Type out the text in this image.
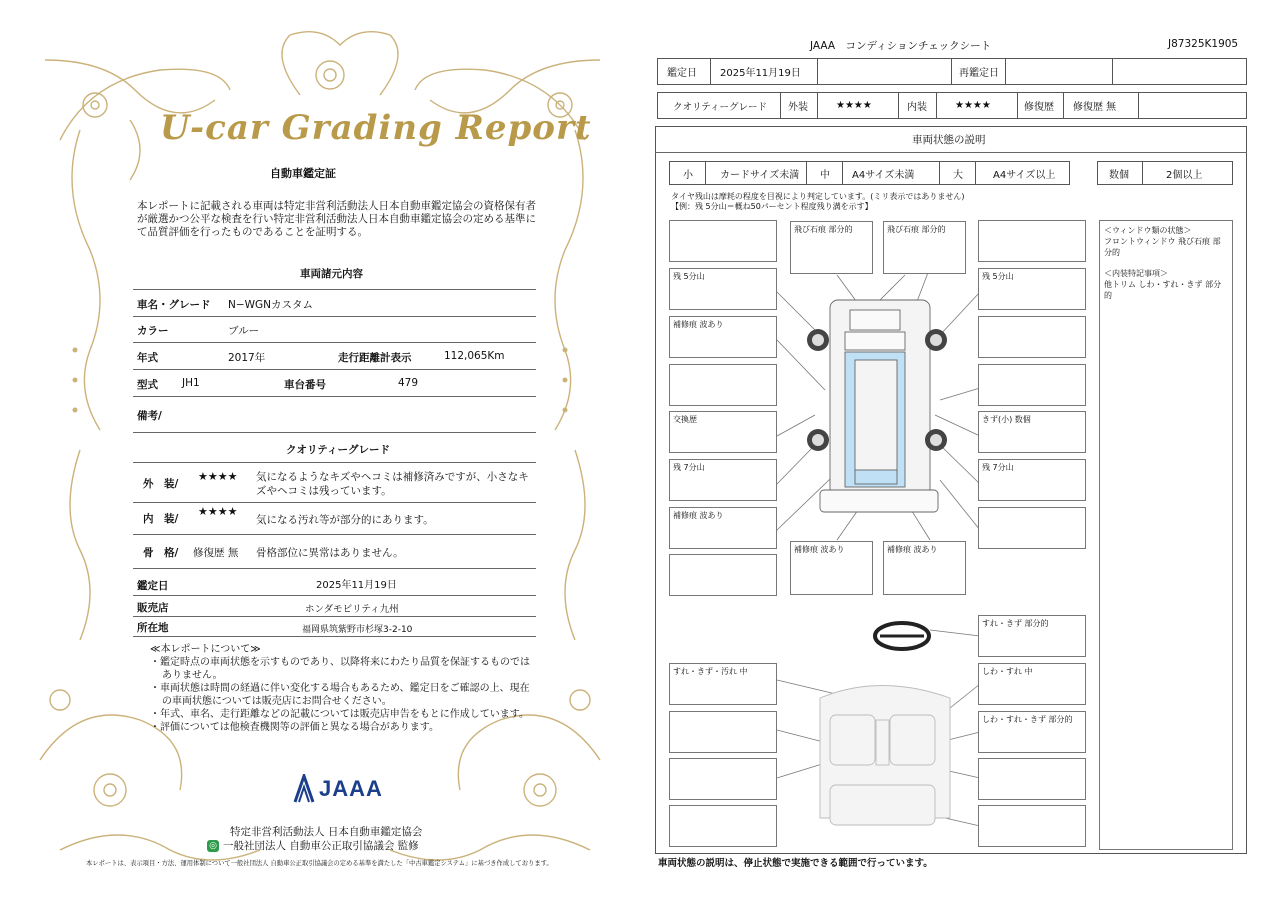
U-car Grading Report
自動車鑑定証
本レポートに記載される車両は特定非営利活動法人日本自動車鑑定協会の資格保有者が厳選かつ公平な検査を行い特定非営利活動法人日本自動車鑑定協会の定める基準にて品質評価を行ったものであることを証明する。
車両諸元内容
車名・グレード N−WGNカスタム
カラー	ブルー
年式	2017年	走行距離計表示	112,065Km
型式 JH1	車台番号	479
備考/
クオリティーグレード
外　装/
★★★★ 気になるようなキズやヘコミは補修済みですが、小さなキズやヘコミは残っています。
内　装/
★★★★
気になる汚れ等が部分的にあります。
骨　格/ 修復歴 無 骨格部位に異常はありません。
鑑定日	2025年11月19日
販売店	ホンダモビリティ九州
所在地	福岡県筑紫野市杉塚3-2-10
≪本レポートについて≫
・鑑定時点の車両状態を示すものであり、以降将来にわたり品質を保証するものではありません。
・車両状態は時間の経過に伴い変化する場合もあるため、鑑定日をご確認の上、現在の車両状態については販売店にお問合せください。
・年式、車名、走行距離などの記載については販売店申告をもとに作成しています。
・評価については他検査機関等の評価と異なる場合があります。
JAAA
特定非営利活動法人 日本自動車鑑定協会
◎ 一般社団法人 自動車公正取引協議会 監修
本レポートは、表示項目・方法、運用体制について一般社団法人 自動車公正取引協議会の定める基準を満たした「中古車鑑定システム」に基づき作成しております。
JAAA　コンディションチェックシート	J87325K1905
鑑定日 2025年11月19日	再鑑定日
クオリティーグレード 外装	★★★★	内装	★★★★	修復歴 修復歴 無
車両状態の説明
小	カードサイズ未満 中 A4サイズ未満	大	A4サイズ以上	数個	2個以上
タイヤ残山は摩耗の程度を目視により判定しています。(ミリ表示ではありません)
【例：残 5分山＝概ね50パーセント程度残り溝を示す】
残 5分山
補修痕 波あり
交換歴
残 7分山
補修痕 波あり
飛び石痕 部分的	飛び石痕 部分的
補修痕 波あり	補修痕 波あり
残 5分山
きず(小) 数個
残 7分山
＜ウィンドウ類の状態＞
フロントウィンドウ 飛び石痕 部分的
＜内装特記事項＞
他トリム しわ・すれ・きず 部分的
すれ・きず 部分的
すれ・きず・汚れ 中	しわ・すれ 中
しわ・すれ・きず 部分的
車両状態の説明は、停止状態で実施できる範囲で行っています。
